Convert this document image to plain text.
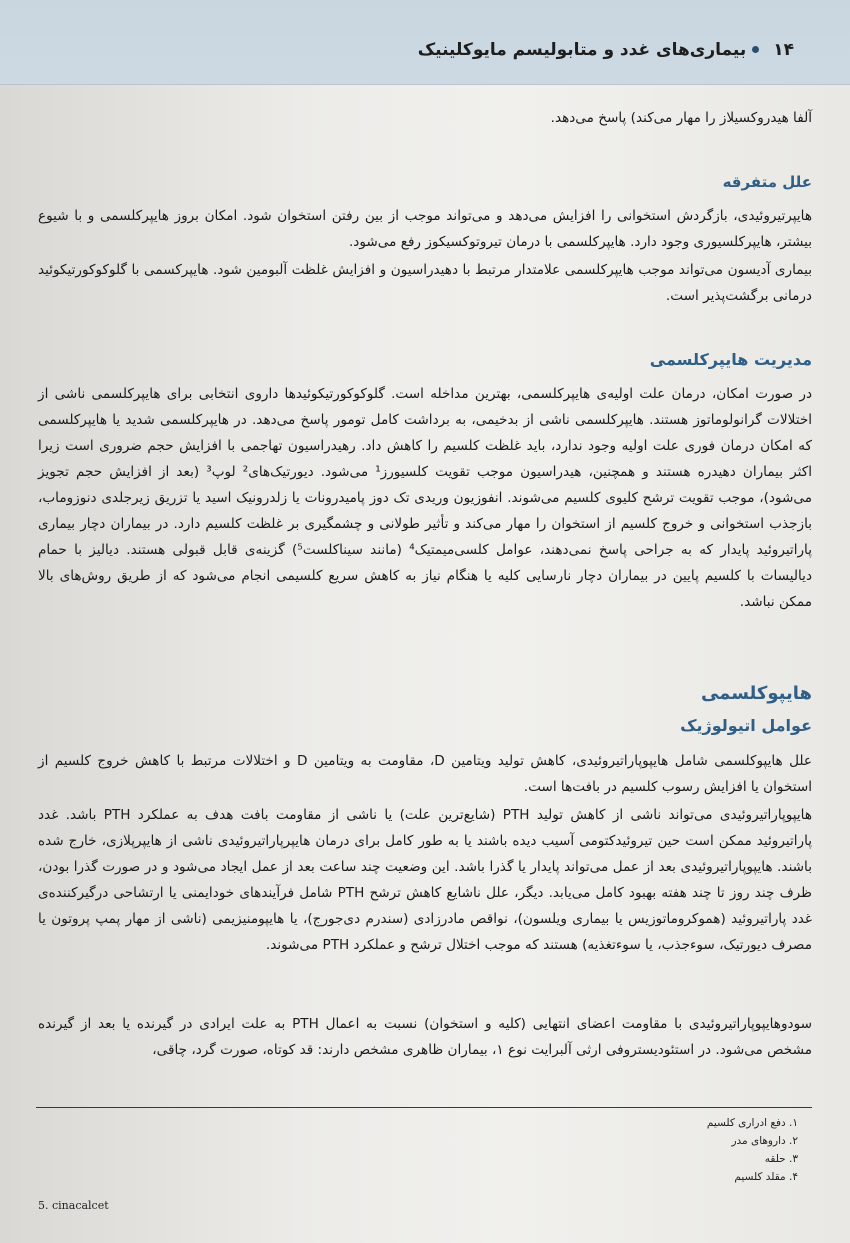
۱۴بیماری‌های غدد و متابولیسم مایوکلینیک
آلفا هیدروکسیلاز را مهار می‌کند) پاسخ می‌دهد.
علل متفرقه
هایپرتیروئیدی، بازگردش استخوانی را افزایش می‌دهد و می‌تواند موجب از بین رفتن استخوان شود. امکان بروز هایپرکلسمی و با شیوع بیشتر، هایپرکلسیوری وجود دارد. هایپرکلسمی با درمان تیروتوکسیکوز رفع می‌شود.
بیماری آدیسون می‌تواند موجب هایپرکلسمی علامتدار مرتبط با دهیدراسیون و افزایش غلظت آلبومین شود. هایپرکسمی با گلوکوکورتیکوئید درمانی برگشت‌پذیر است.
مدیریت هایپرکلسمی
در صورت امکان، درمان علت اولیه‌ی هایپرکلسمی، بهترین مداخله است. گلوکوکورتیکوئیدها داروی انتخابی برای هایپرکلسمی ناشی از اختلالات گرانولوماتوز هستند. هایپرکلسمی ناشی از بدخیمی، به برداشت کامل تومور پاسخ می‌دهد. در هایپرکلسمی شدید یا هایپرکلسمی که امکان درمان فوری علت اولیه وجود ندارد، باید غلظت کلسیم را کاهش داد. رهیدراسیون تهاجمی با افزایش حجم ضروری است زیرا اکثر بیماران دهیدره هستند و همچنین، هیدراسیون موجب تقویت کلسیورز¹ می‌شود. دیورتیک‌های² لوپ³ (بعد از افزایش حجم تجویز می‌شود)، موجب تقویت ترشح کلیوی کلسیم می‌شوند. انفوزیون وریدی تک دوز پامیدرونات یا زلدرونیک اسید یا تزریق زیرجلدی دنوزوماب، بازجذب استخوانی و خروج کلسیم از استخوان را مهار می‌کند و تأثیر طولانی و چشمگیری بر غلظت کلسیم دارد. در بیماران دچار بیماری پاراتیروئید پایدار که به جراحی پاسخ نمی‌دهند، عوامل کلسی‌میمتیک⁴ (مانند سیناکلست⁵) گزینه‌ی قابل قبولی هستند. دیالیز با حمام دیالیسات با کلسیم پایین در بیماران دچار نارسایی کلیه یا هنگام نیاز به کاهش سریع کلسیمی انجام می‌شود که از طریق روش‌های بالا ممکن نباشد.
هایپوکلسمی
عوامل اتیولوژیک
علل هایپوکلسمی شامل هایپوپاراتیروئیدی، کاهش تولید ویتامین D، مقاومت به ویتامین D و اختلالات مرتبط با کاهش خروج کلسیم از استخوان یا افزایش رسوب کلسیم در بافت‌ها است.
هایپوپاراتیروئیدی می‌تواند ناشی از کاهش تولید PTH (شایع‌ترین علت) یا ناشی از مقاومت بافت هدف به عملکرد PTH باشد. غدد پاراتیروئید ممکن است حین تیروئیدکتومی آسیب دیده باشند یا به طور کامل برای درمان هایپرپاراتیروئیدی ناشی از هایپرپلازی، خارج شده باشند. هایپوپاراتیروئیدی بعد از عمل می‌تواند پایدار یا گذرا باشد. این وضعیت چند ساعت بعد از عمل ایجاد می‌شود و در صورت گذرا بودن، ظرف چند روز تا چند هفته بهبود کامل می‌یابد. دیگر، علل ناشایع کاهش ترشح PTH شامل فرآیندهای خودایمنی یا ارتشاحی درگیرکننده‌ی غدد پاراتیروئید (هموکروماتوزیس یا بیماری ویلسون)، نواقص مادرزادی (سندرم دی‌جورج)، یا هایپومنیزیمی (ناشی از مهار پمپ پروتون یا مصرف دیورتیک، سوءجذب، یا سوءتغذیه) هستند که موجب اختلال ترشح و عملکرد PTH می‌شوند.
سودوهایپوپاراتیروئیدی با مقاومت اعضای انتهایی (کلیه و استخوان) نسبت به اعمال PTH به علت ایرادی در گیرنده یا بعد از گیرنده مشخص می‌شود. در استئودیستروفی ارثی آلبرایت نوع ۱، بیماران ظاهری مشخص دارند: قد کوتاه، صورت گرد، چاقی،
۱. دفع ادراری کلسیم
۲. داروهای مدر
۳. حلقه
۴. مقلد کلسیم
5. cinacalcet
